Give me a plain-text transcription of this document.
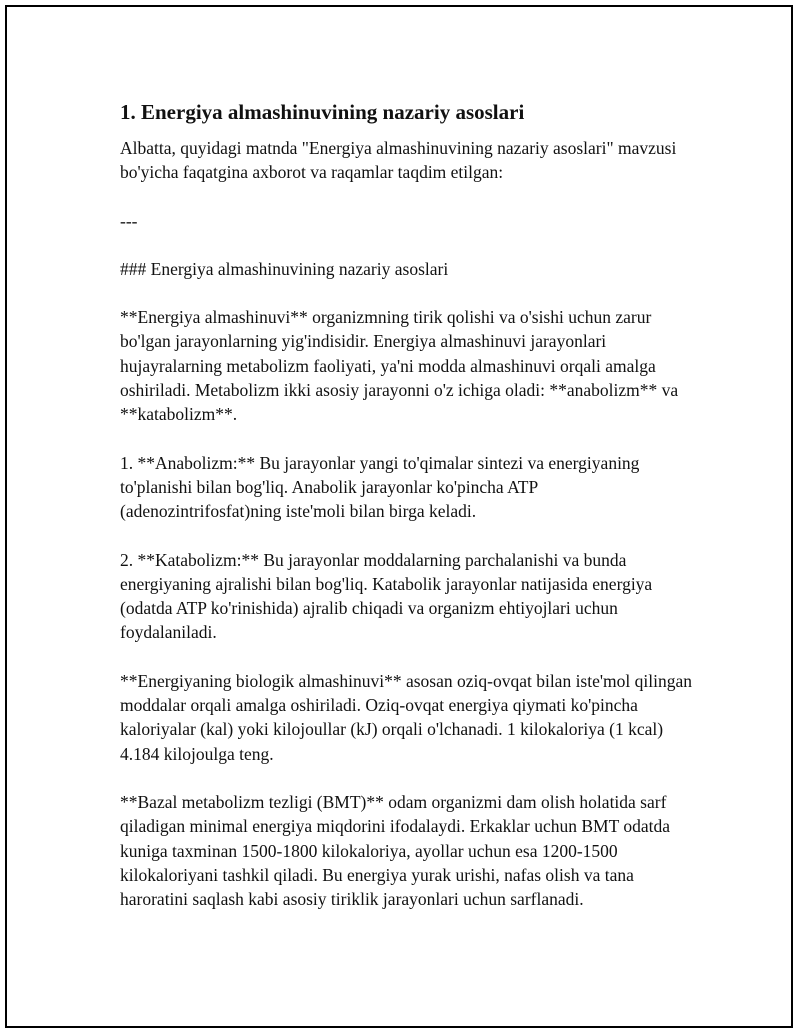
1. Energiya almashinuvining nazariy asoslari

Albatta, quyidagi matnda "Energiya almashinuvining nazariy asoslari" mavzusi bo'yicha faqatgina axborot va raqamlar taqdim etilgan:

---

### Energiya almashinuvining nazariy asoslari

**Energiya almashinuvi** organizmning tirik qolishi va o'sishi uchun zarur bo'lgan jarayonlarning yig'indisidir. Energiya almashinuvi jarayonlari hujayralarning metabolizm faoliyati, ya'ni modda almashinuvi orqali amalga oshiriladi. Metabolizm ikki asosiy jarayonni o'z ichiga oladi: **anabolizm** va **katabolizm**.

1. **Anabolizm:** Bu jarayonlar yangi to'qimalar sintezi va energiyaning to'planishi bilan bog'liq. Anabolik jarayonlar ko'pincha ATP (adenozintrifosfat)ning iste'moli bilan birga keladi.

2. **Katabolizm:** Bu jarayonlar moddalarning parchalanishi va bunda energiyaning ajralishi bilan bog'liq. Katabolik jarayonlar natijasida energiya (odatda ATP ko'rinishida) ajralib chiqadi va organizm ehtiyojlari uchun foydalaniladi.

**Energiyaning biologik almashinuvi** asosan oziq-ovqat bilan iste'mol qilingan moddalar orqali amalga oshiriladi. Oziq-ovqat energiya qiymati ko'pincha kaloriyalar (kal) yoki kilojoullar (kJ) orqali o'lchanadi. 1 kilokaloriya (1 kcal) 4.184 kilojoulga teng.

**Bazal metabolizm tezligi (BMT)** odam organizmi dam olish holatida sarf qiladigan minimal energiya miqdorini ifodalaydi. Erkaklar uchun BMT odatda kuniga taxminan 1500-1800 kilokaloriya, ayollar uchun esa 1200-1500 kilokaloriyani tashkil qiladi. Bu energiya yurak urishi, nafas olish va tana haroratini saqlash kabi asosiy tiriklik jarayonlari uchun sarflanadi.
